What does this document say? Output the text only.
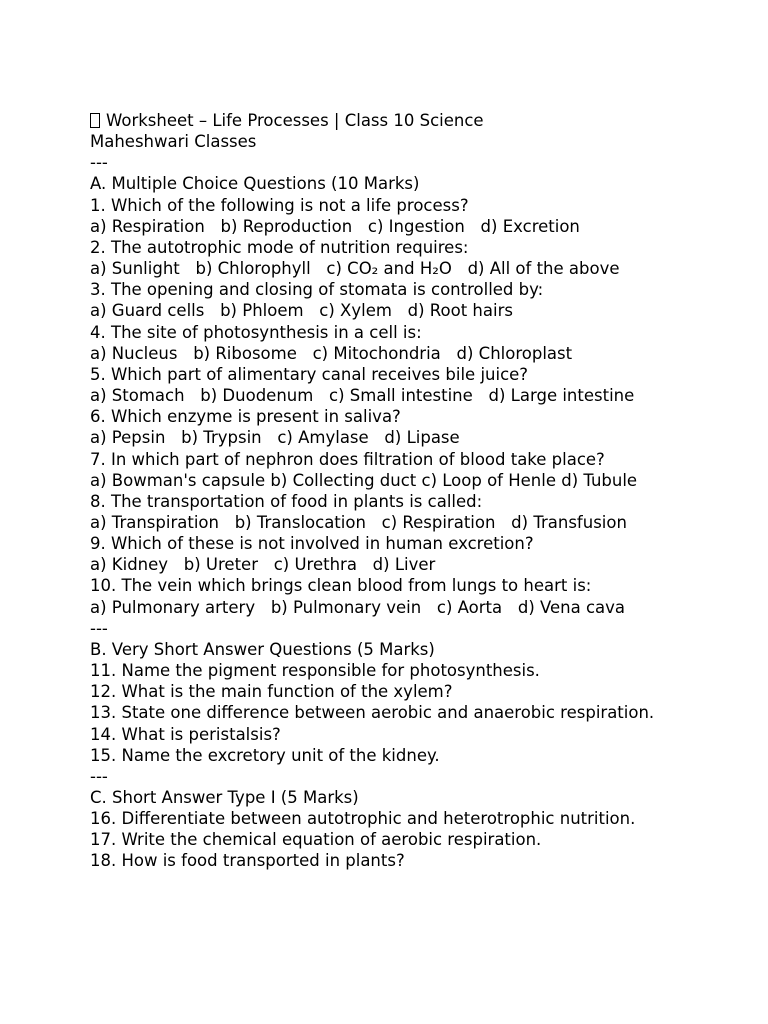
Worksheet – Life Processes | Class 10 Science

Maheshwari Classes

---

A. Multiple Choice Questions (10 Marks)

1. Which of the following is not a life process?

a) Respiration   b) Reproduction   c) Ingestion   d) Excretion

2. The autotrophic mode of nutrition requires:

a) Sunlight   b) Chlorophyll   c) CO₂ and H₂O   d) All of the above

3. The opening and closing of stomata is controlled by:

a) Guard cells   b) Phloem   c) Xylem   d) Root hairs

4. The site of photosynthesis in a cell is:

a) Nucleus   b) Ribosome   c) Mitochondria   d) Chloroplast

5. Which part of alimentary canal receives bile juice?

a) Stomach   b) Duodenum   c) Small intestine   d) Large intestine

6. Which enzyme is present in saliva?

a) Pepsin   b) Trypsin   c) Amylase   d) Lipase

7. In which part of nephron does filtration of blood take place?

a) Bowman's capsule b) Collecting duct c) Loop of Henle d) Tubule

8. The transportation of food in plants is called:

a) Transpiration   b) Translocation   c) Respiration   d) Transfusion

9. Which of these is not involved in human excretion?

a) Kidney   b) Ureter   c) Urethra   d) Liver

10. The vein which brings clean blood from lungs to heart is:

a) Pulmonary artery   b) Pulmonary vein   c) Aorta   d) Vena cava

---

B. Very Short Answer Questions (5 Marks)

11. Name the pigment responsible for photosynthesis.

12. What is the main function of the xylem?

13. State one difference between aerobic and anaerobic respiration.

14. What is peristalsis?

15. Name the excretory unit of the kidney.

---

C. Short Answer Type I (5 Marks)

16. Differentiate between autotrophic and heterotrophic nutrition.

17. Write the chemical equation of aerobic respiration.

18. How is food transported in plants?
